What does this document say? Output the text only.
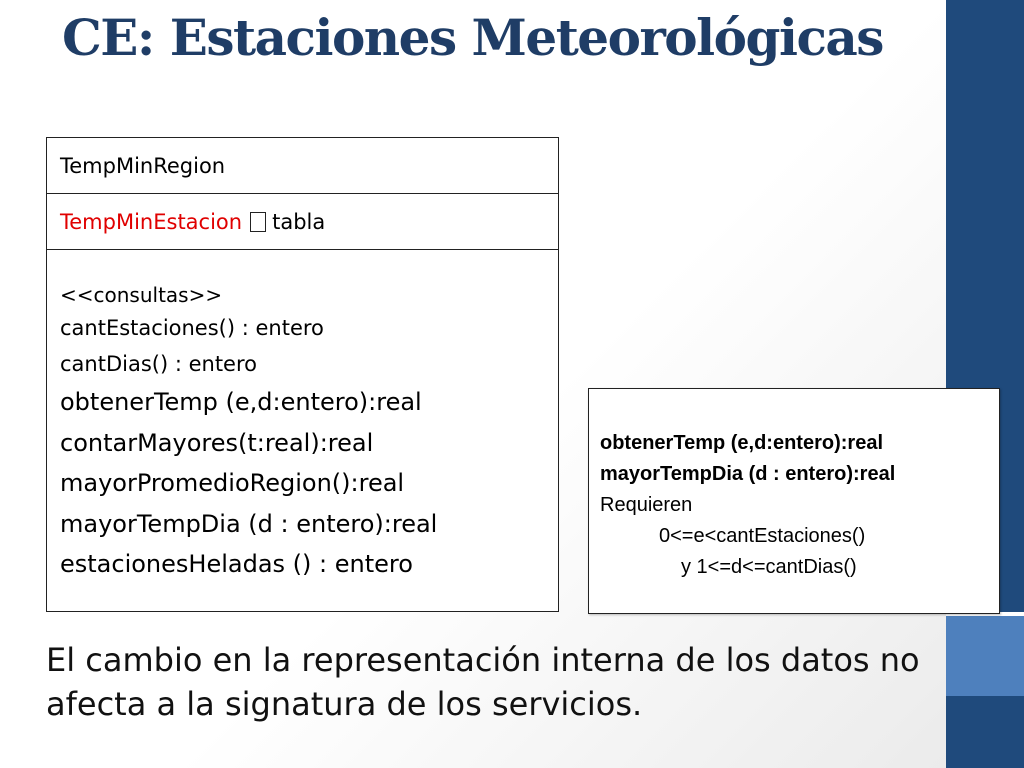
CE: Estaciones Meteorológicas
TempMinRegion
TempMinEstacion tabla
<<consultas>>
cantEstaciones() : entero
cantDias() : entero
obtenerTemp (e,d:entero):real
contarMayores(t:real):real
mayorPromedioRegion():real
mayorTempDia (d : entero):real
estacionesHeladas () : entero
obtenerTemp (e,d:entero):real
mayorTempDia (d : entero):real
Requieren
0<=e<cantEstaciones()
y 1<=d<=cantDias()

El cambio en la representación interna de los datos no
afecta a la signatura de los servicios.
